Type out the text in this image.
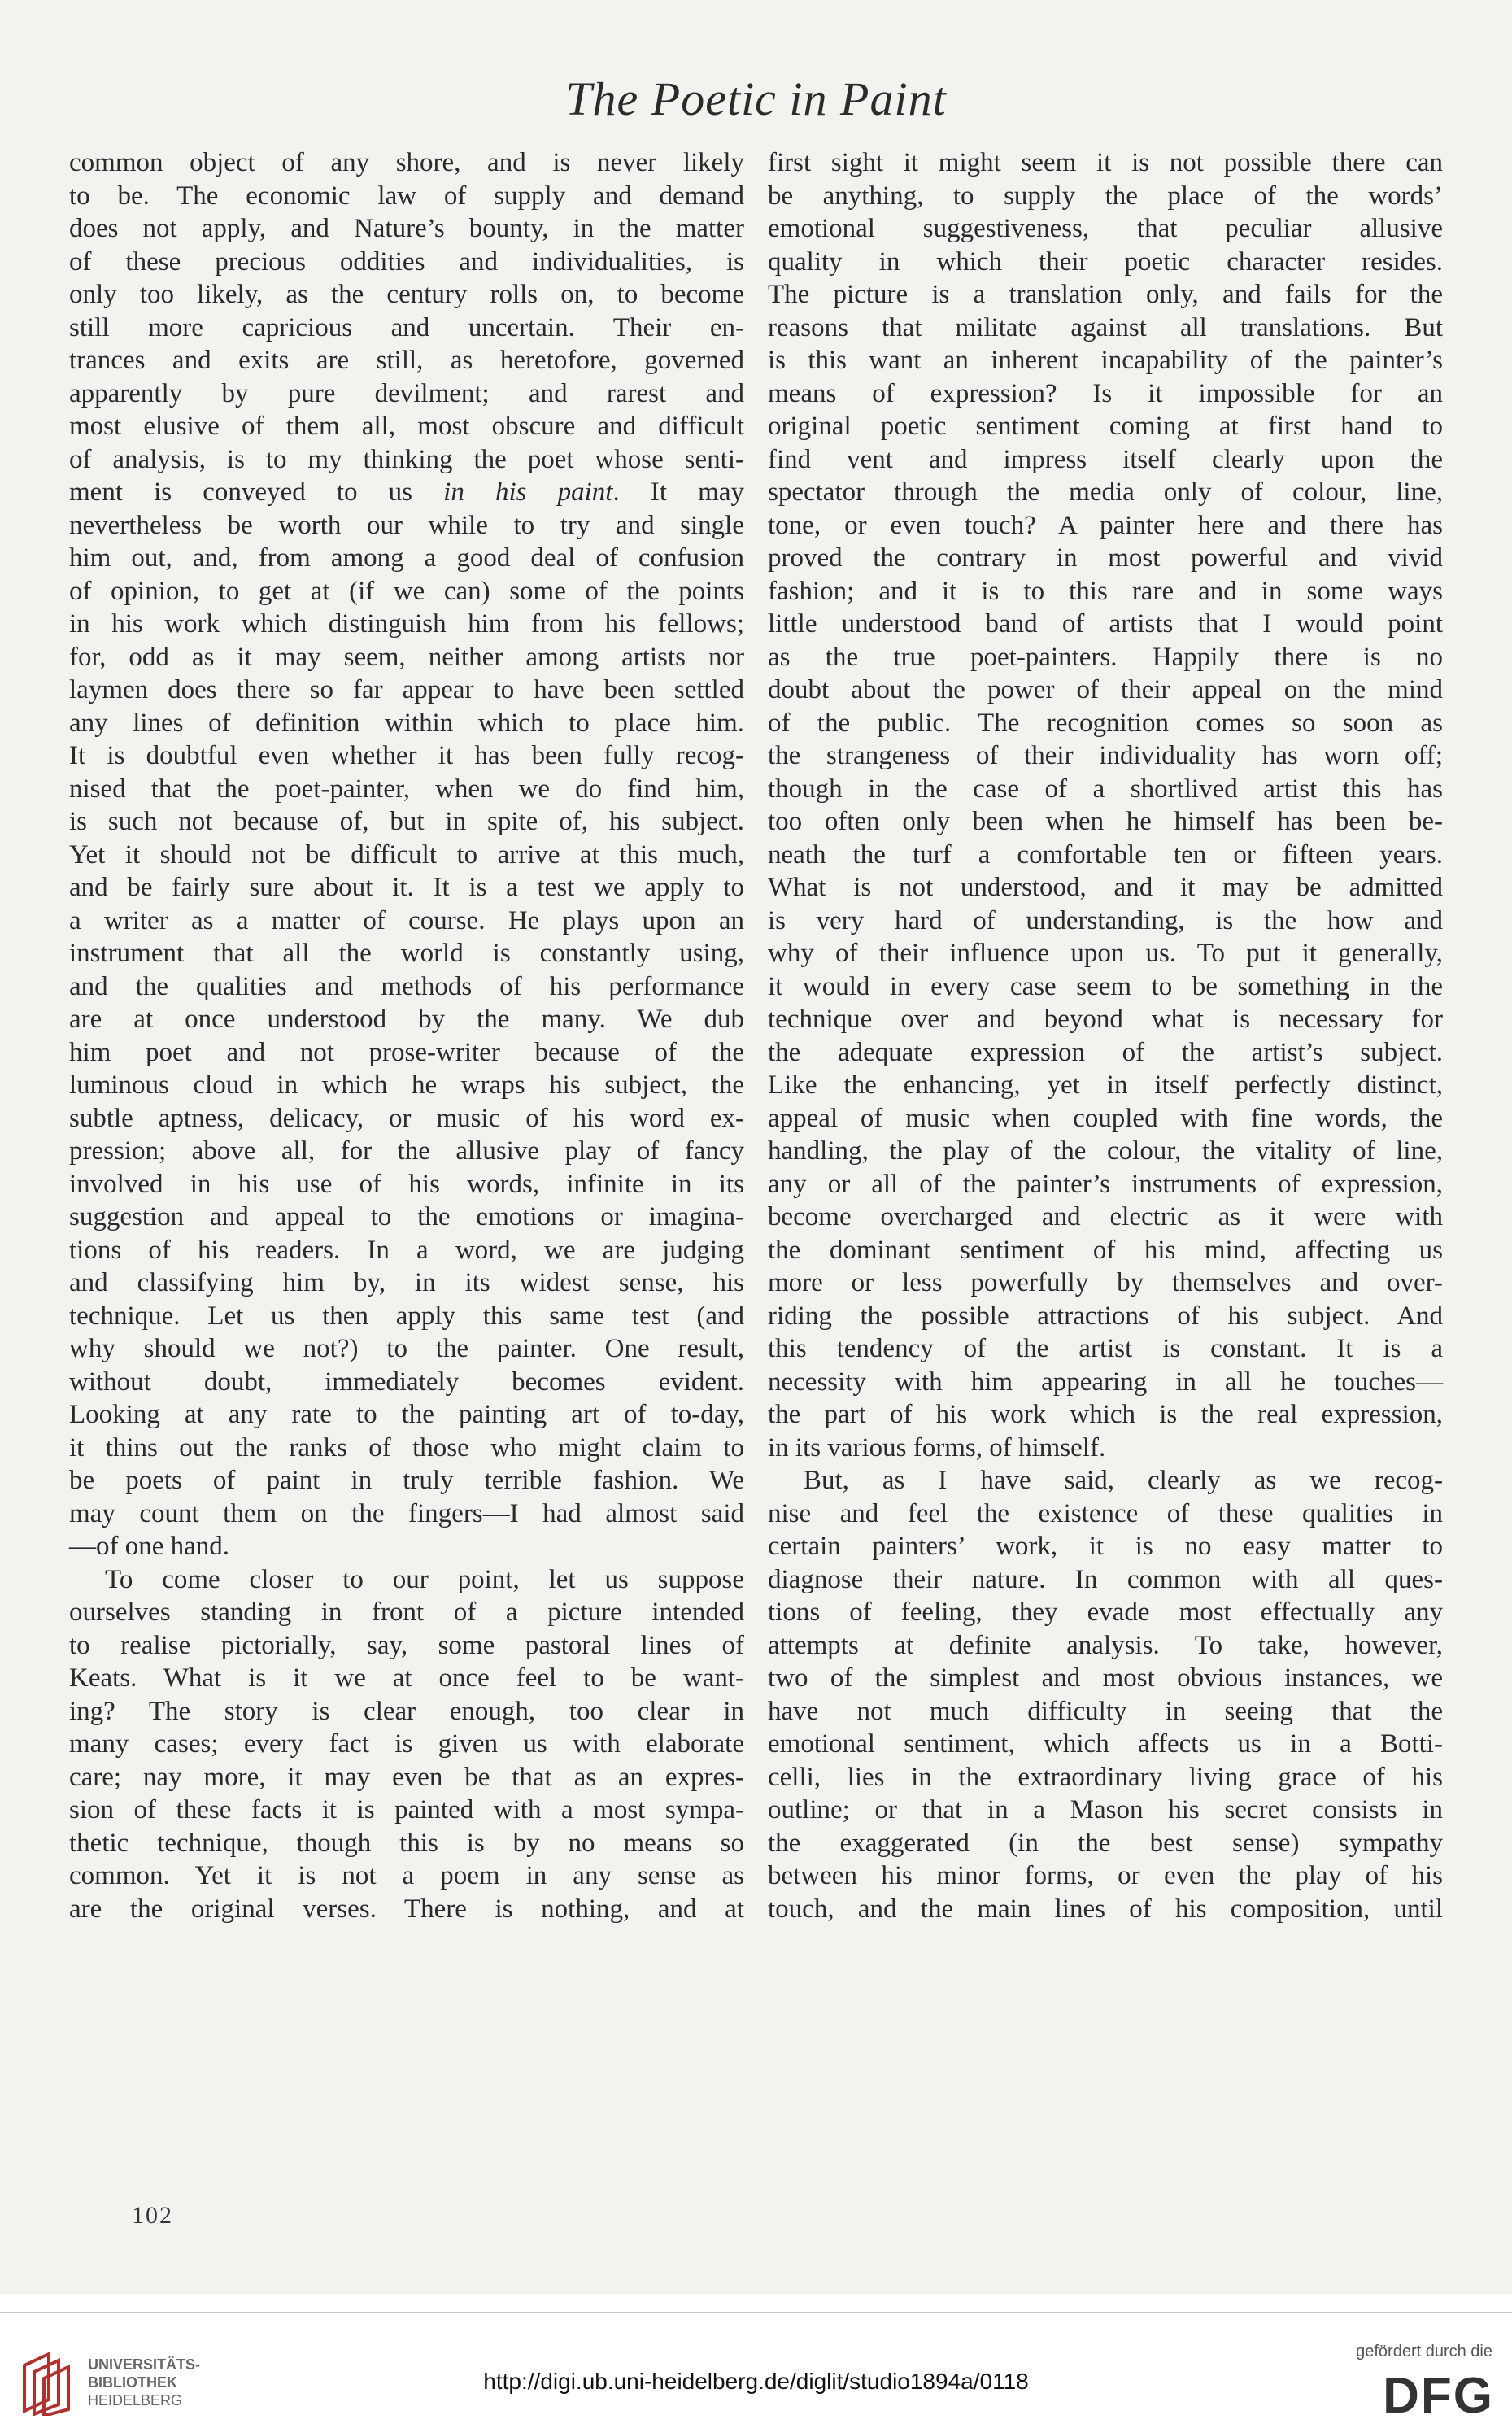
The Poetic in Paint
common object of any shore, and is never likely
to be. The economic law of supply and demand
does not apply, and Nature’s bounty, in the matter
of these precious oddities and individualities, is
only too likely, as the century rolls on, to become
still more capricious and uncertain. Their en-
trances and exits are still, as heretofore, governed
apparently by pure devilment; and rarest and
most elusive of them all, most obscure and difficult
of analysis, is to my thinking the poet whose senti-
ment is conveyed to us in his paint. It may
nevertheless be worth our while to try and single
him out, and, from among a good deal of confusion
of opinion, to get at (if we can) some of the points
in his work which distinguish him from his fellows;
for, odd as it may seem, neither among artists nor
laymen does there so far appear to have been settled
any lines of definition within which to place him.
It is doubtful even whether it has been fully recog-
nised that the poet-painter, when we do find him,
is such not because of, but in spite of, his subject.
Yet it should not be difficult to arrive at this much,
and be fairly sure about it. It is a test we apply to
a writer as a matter of course. He plays upon an
instrument that all the world is constantly using,
and the qualities and methods of his performance
are at once understood by the many. We dub
him poet and not prose-writer because of the
luminous cloud in which he wraps his subject, the
subtle aptness, delicacy, or music of his word ex-
pression; above all, for the allusive play of fancy
involved in his use of his words, infinite in its
suggestion and appeal to the emotions or imagina-
tions of his readers. In a word, we are judging
and classifying him by, in its widest sense, his
technique. Let us then apply this same test (and
why should we not?) to the painter. One result,
without doubt, immediately becomes evident.
Looking at any rate to the painting art of to-day,
it thins out the ranks of those who might claim to
be poets of paint in truly terrible fashion. We
may count them on the fingers—I had almost said
—of one hand.
To come closer to our point, let us suppose
ourselves standing in front of a picture intended
to realise pictorially, say, some pastoral lines of
Keats. What is it we at once feel to be want-
ing? The story is clear enough, too clear in
many cases; every fact is given us with elaborate
care; nay more, it may even be that as an expres-
sion of these facts it is painted with a most sympa-
thetic technique, though this is by no means so
common. Yet it is not a poem in any sense as
are the original verses. There is nothing, and at
first sight it might seem it is not possible there can
be anything, to supply the place of the words’
emotional suggestiveness, that peculiar allusive
quality in which their poetic character resides.
The picture is a translation only, and fails for the
reasons that militate against all translations. But
is this want an inherent incapability of the painter’s
means of expression? Is it impossible for an
original poetic sentiment coming at first hand to
find vent and impress itself clearly upon the
spectator through the media only of colour, line,
tone, or even touch? A painter here and there has
proved the contrary in most powerful and vivid
fashion; and it is to this rare and in some ways
little understood band of artists that I would point
as the true poet-painters. Happily there is no
doubt about the power of their appeal on the mind
of the public. The recognition comes so soon as
the strangeness of their individuality has worn off;
though in the case of a shortlived artist this has
too often only been when he himself has been be-
neath the turf a comfortable ten or fifteen years.
What is not understood, and it may be admitted
is very hard of understanding, is the how and
why of their influence upon us. To put it generally,
it would in every case seem to be something in the
technique over and beyond what is necessary for
the adequate expression of the artist’s subject.
Like the enhancing, yet in itself perfectly distinct,
appeal of music when coupled with fine words, the
handling, the play of the colour, the vitality of line,
any or all of the painter’s instruments of expression,
become overcharged and electric as it were with
the dominant sentiment of his mind, affecting us
more or less powerfully by themselves and over-
riding the possible attractions of his subject. And
this tendency of the artist is constant. It is a
necessity with him appearing in all he touches—
the part of his work which is the real expression,
in its various forms, of himself.
But, as I have said, clearly as we recog-
nise and feel the existence of these qualities in
certain painters’ work, it is no easy matter to
diagnose their nature. In common with all ques-
tions of feeling, they evade most effectually any
attempts at definite analysis. To take, however,
two of the simplest and most obvious instances, we
have not much difficulty in seeing that the
emotional sentiment, which affects us in a Botti-
celli, lies in the extraordinary living grace of his
outline; or that in a Mason his secret consists in
the exaggerated (in the best sense) sympathy
between his minor forms, or even the play of his
touch, and the main lines of his composition, until
102
UNIVERSITÄTS-
BIBLIOTHEK
HEIDELBERG
http://digi.ub.uni-heidelberg.de/diglit/studio1894a/0118
gefördert durch die
DFG
